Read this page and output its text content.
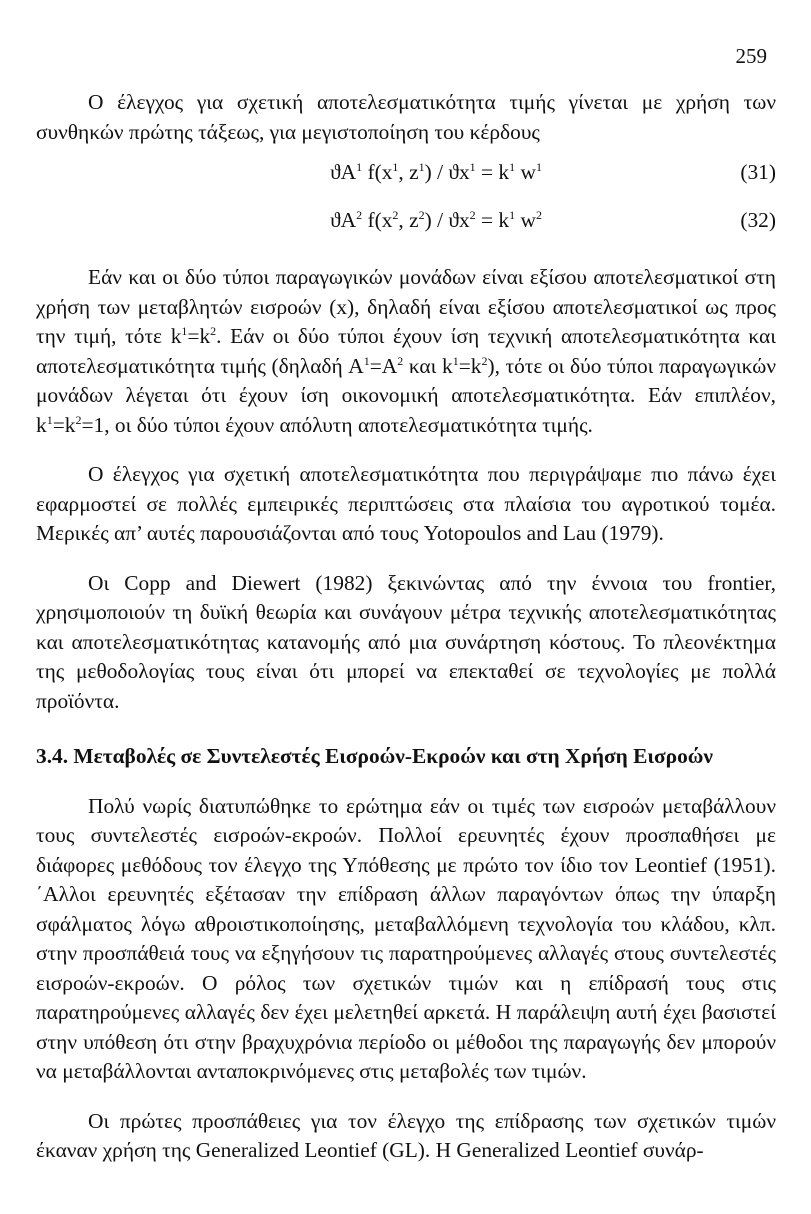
259

Ο έλεγχος για σχετική αποτελεσματικότητα τιμής γίνεται με χρήση των συνθηκών πρώτης τάξεως, για μεγιστοποίηση του κέρδους

$ϑA^1$ $f(x^1$, $z^1) / ϑx^1 = k^1$ $w^1$	(31)
$ϑA^2$ $f(x^2$, $z^2) / ϑx^2 = k^1$ $w^2$	(32)

Εάν και οι δύο τύποι παραγωγικών μονάδων είναι εξίσου αποτελεσματικοί στη χρήση των μεταβλητών εισροών (x), δηλαδή είναι εξίσου αποτελεσματικοί ως προς την τιμή, τότε $k^1=k^2$. Εάν οι δύο τύποι έχουν ίση τεχνική αποτελεσματικότητα και αποτελεσματικότητα τιμής (δηλαδή $A^1=A^2$ και $k^1=k^2$), τότε οι δύο τύποι παραγωγικών μονάδων λέγεται ότι έχουν ίση οικονομική αποτελεσματικότητα. Εάν επιπλέον, $k^1=k^2=1$, οι δύο τύποι έχουν απόλυτη αποτελεσματικότητα τιμής.

Ο έλεγχος για σχετική αποτελεσματικότητα που περιγράψαμε πιο πάνω έχει εφαρμοστεί σε πολλές εμπειρικές περιπτώσεις στα πλαίσια του αγροτικού τομέα. Μερικές απ’ αυτές παρουσιάζονται από τους Yotopoulos and Lau (1979).

Οι Copp and Diewert (1982) ξεκινώντας από την έννοια του frontier, χρησιμοποιούν τη δυϊκή θεωρία και συνάγουν μέτρα τεχνικής αποτελεσματικότητας και αποτελεσματικότητας κατανομής από μια συνάρτηση κόστους. Το πλεονέκτημα της μεθοδολογίας τους είναι ότι μπορεί να επεκταθεί σε τεχνολογίες με πολλά προϊόντα.

3.4. Μεταβολές σε Συντελεστές Εισροών-Εκροών και στη Χρήση Εισροών

Πολύ νωρίς διατυπώθηκε το ερώτημα εάν οι τιμές των εισροών μεταβάλλουν τους συντελεστές εισροών-εκροών. Πολλοί ερευνητές έχουν προσπαθήσει με διάφορες μεθόδους τον έλεγχο της Υπόθεσης με πρώτο τον ίδιο τον Leontief (1951). ΄Αλλοι ερευνητές εξέτασαν την επίδραση άλλων παραγόντων όπως την ύπαρξη σφάλματος λόγω αθροιστικοποίησης, μεταβαλλόμενη τεχνολογία του κλάδου, κλπ. στην προσπάθειά τους να εξηγήσουν τις παρατηρούμενες αλλαγές στους συντελεστές εισροών-εκροών. Ο ρόλος των σχετικών τιμών και η επίδρασή τους στις παρατηρούμενες αλλαγές δεν έχει μελετηθεί αρκετά. Η παράλειψη αυτή έχει βασιστεί στην υπόθεση ότι στην βραχυχρόνια περίοδο οι μέθοδοι της παραγωγής δεν μπορούν να μεταβάλλονται ανταποκρινόμενες στις μεταβολές των τιμών.

Οι πρώτες προσπάθειες για τον έλεγχο της επίδρασης των σχετικών τιμών έκαναν χρήση της Generalized Leontief (GL). Η Generalized Leontief συνάρ-
